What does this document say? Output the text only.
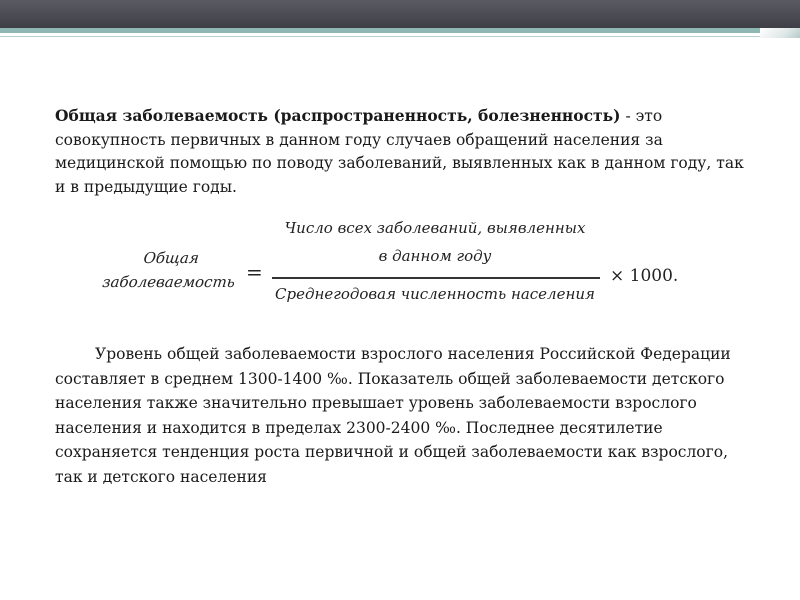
Общая заболеваемость (распространенность, болезненность) - это совокупность первичных в данном году случаев обращений населения за медицинской помощью по поводу заболеваний, выявленных как в данном году, так и в предыдущие годы.

Общая заболеваемость =
Число всех заболеваний, выявленных
в данном году
Среднегодовая численность населения
× 1000.

Уровень общей заболеваемости взрослого населения Российской Федерации составляет в среднем 1300-1400 ‰. Показатель общей заболеваемости детского населения также значительно превышает уровень заболеваемости взрослого населения и находится в пределах 2300-2400 ‰. Последнее десятилетие сохраняется тенденция роста первичной и общей заболеваемости как взрослого, так и детского населения
